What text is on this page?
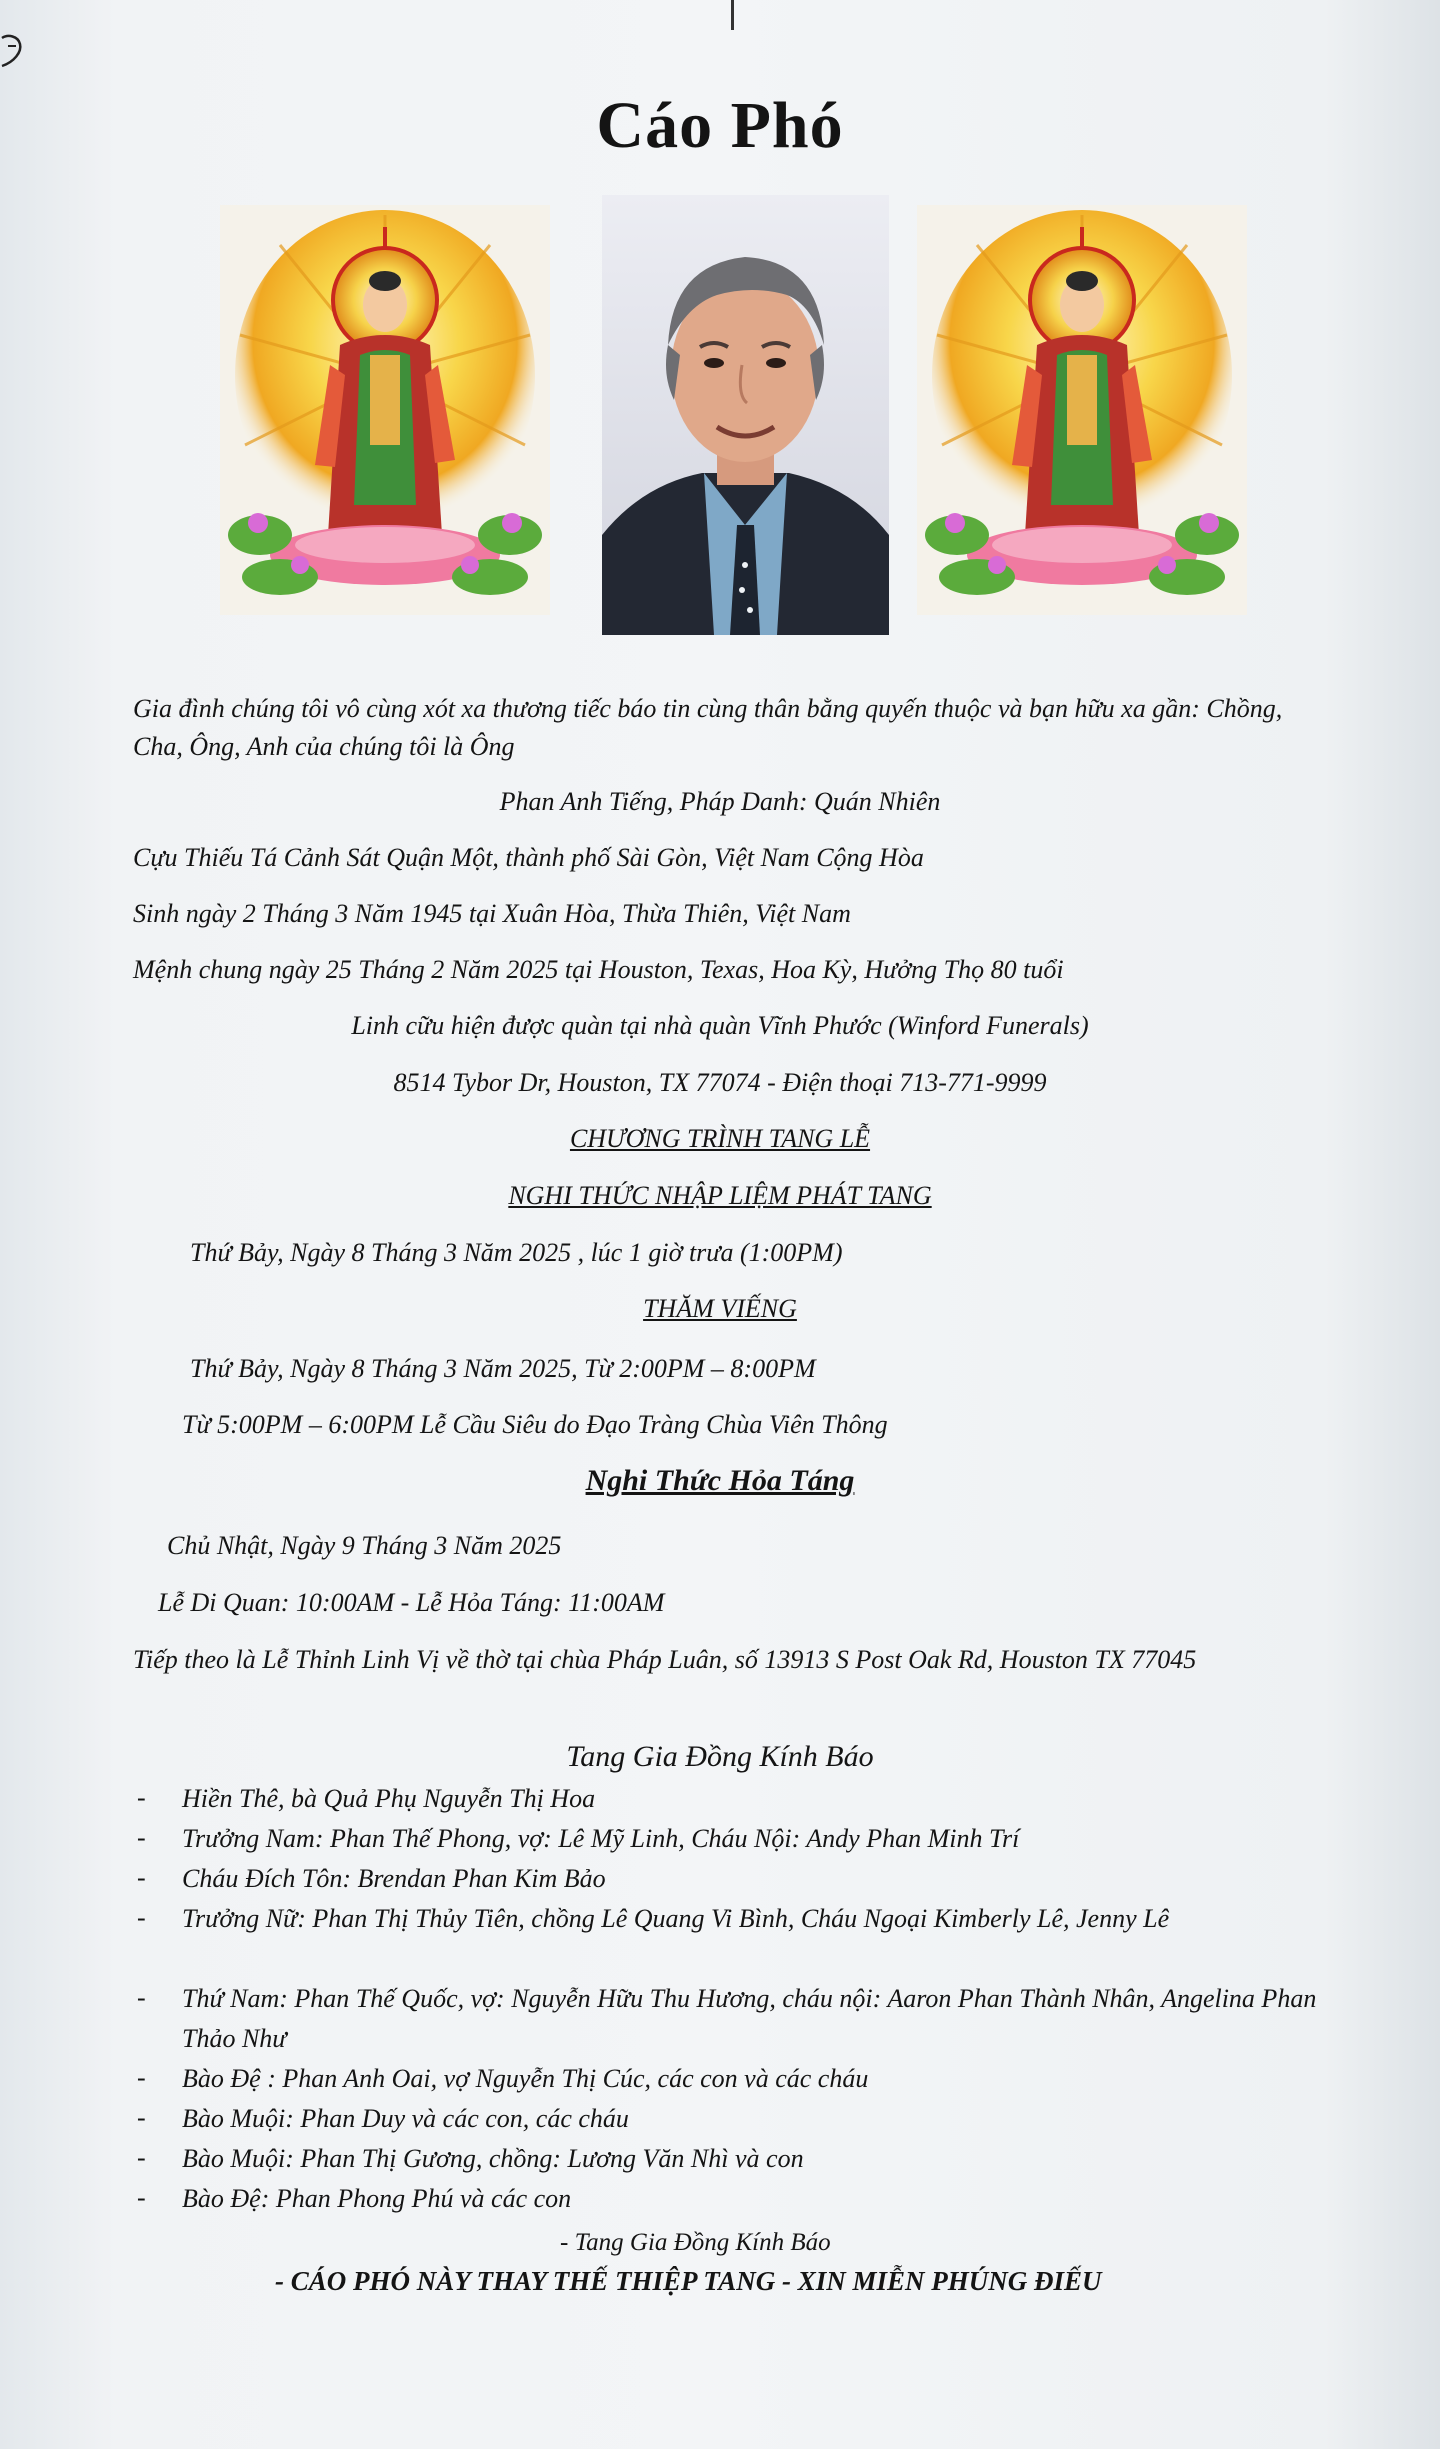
Cáo Phó
Gia đình chúng tôi vô cùng xót xa thương tiếc báo tin cùng thân bằng quyến thuộc và bạn hữu xa gần: Chồng, Cha, Ông, Anh của chúng tôi là Ông
Phan Anh Tiếng, Pháp Danh: Quán Nhiên
Cựu Thiếu Tá Cảnh Sát Quận Một, thành phố Sài Gòn, Việt Nam Cộng Hòa
Sinh ngày 2 Tháng 3 Năm 1945 tại Xuân Hòa, Thừa Thiên, Việt Nam
Mệnh chung ngày 25 Tháng 2 Năm 2025 tại Houston, Texas, Hoa Kỳ, Hưởng Thọ 80 tuổi
Linh cữu hiện được quàn tại nhà quàn Vĩnh Phước (Winford Funerals)
8514 Tybor Dr, Houston, TX 77074 - Điện thoại 713-771-9999
CHƯƠNG TRÌNH TANG LỄ
NGHI THỨC NHẬP LIỆM PHÁT TANG
Thứ Bảy, Ngày 8 Tháng 3 Năm 2025 , lúc 1 giờ trưa (1:00PM)
THĂM VIẾNG
Thứ Bảy, Ngày 8 Tháng 3 Năm 2025, Từ 2:00PM – 8:00PM
Từ 5:00PM – 6:00PM Lễ Cầu Siêu do Đạo Tràng Chùa Viên Thông
Nghi Thức Hỏa Táng
Chủ Nhật, Ngày 9 Tháng 3 Năm 2025
Lễ Di Quan: 10:00AM - Lễ Hỏa Táng: 11:00AM
Tiếp theo là Lễ Thỉnh Linh Vị về thờ tại chùa Pháp Luân, số 13913 S Post Oak Rd, Houston TX 77045
Tang Gia Đồng Kính Báo
- Hiền Thê, bà Quả Phụ Nguyễn Thị Hoa
- Trưởng Nam: Phan Thế Phong, vợ: Lê Mỹ Linh, Cháu Nội: Andy Phan Minh Trí
- Cháu Đích Tôn: Brendan Phan Kim Bảo
- Trưởng Nữ: Phan Thị Thủy Tiên, chồng Lê Quang Vi Bình, Cháu Ngoại Kimberly Lê, Jenny Lê
- Thứ Nam: Phan Thế Quốc, vợ: Nguyễn Hữu Thu Hương, cháu nội: Aaron Phan Thành Nhân, Angelina Phan Thảo Như
- Bào Đệ : Phan Anh Oai, vợ Nguyễn Thị Cúc, các con và các cháu
- Bào Muội: Phan Duy và các con, các cháu
- Bào Muội: Phan Thị Gương, chồng: Lương Văn Nhì và con
- Bào Đệ: Phan Phong Phú và các con
- Tang Gia Đồng Kính Báo
- CÁO PHÓ NÀY THAY THẾ THIỆP TANG - XIN MIỄN PHÚNG ĐIẾU
